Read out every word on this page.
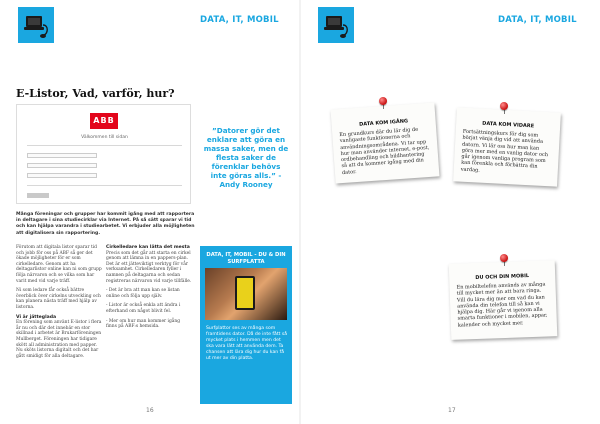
DATA, IT, MOBIL
E-Listor, Vad, varför, hur?
ABB
Välkommen till sidan
Många föreningar och grupper har kommit igång med att rapportera in deltagare i sina studiecirklar via Internet. På så sätt sparar vi tid och kan hjälpa varandra i studiearbetet. Vi erbjuder alla möjligheten att digitalisera sin rapportering.

Förutom att digitala listor sparar tid och jobb för oss på ABF så ger det ökade möjligheter för er som cirkelledare. Genom att ha deltagarlistor online kan ni som grupp följa närvaron och se vilka som har varit med vid varje träff.

Ni som ledare får också bättre överblick över cirkelns utveckling och kan planera nästa träff med hjälp av listorna.

Vi är jätteglada

En förening som använt E-listor i flera år nu och där det innebär en stor skillnad i arbetet är Brukarföreningen Mullberget. Föreningen har tidigare skött all administration med papper. Nu sköts listorna digitalt och det har gått smidigt för alla deltagare.

Cirkelledare kan lätta det mesta

Precis som det går att starta en cirkel genom att lämna in en pappers-plan. Det är ett jätteviktigt verktyg för vår verksamhet. Cirkelledaren fyller i namnen på deltagarna och sedan registreras närvaron vid varje tillfälle.

- Det är bra att man kan se listan online och följa upp själv.

- Listor är också enkla att ändra i efterhand om något blivit fel.

- Mer om hur man kommer igång finns på ABF:s hemsida.

”Datorer gör det enklare att göra en massa saker, men de flesta saker de förenklar behövs inte göras alls.” - Andy Rooney
DATA, IT, MOBIL - DU & DIN SURFPLATTA
Surfplattor ses av många som framtidens dator. Då de inte fått så mycket plats i hemmen men det ska vara lätt att använda dem. Ta chansen att lära dig hur du kan få ut mer av din platta.
16
DATA, IT, MOBIL
DATA KOM IGÅNG
En grundkurs där du lär dig de vanligaste funktionerna och användningsområdena. Vi tar upp hur man använder internet, e-post, ordbehandling och bildhantering så att du kommer igång med din dator.
DATA KOM VIDARE
Fortsättningskurs för dig som börjat vänja dig vid att använda datorn. Vi lär oss hur man kan göra mer med en vanlig dator och går igenom vanliga program som kan förenkla och förbättra din vardag.
DU OCH DIN MOBIL
En mobiltelefon används av många till mycket mer än att bara ringa. Vill du lära dig mer om vad du kan använda din telefon till så kan vi hjälpa dig. Här går vi igenom alla smarta funktioner i mobilen, appar, kalender och mycket mer.
17
